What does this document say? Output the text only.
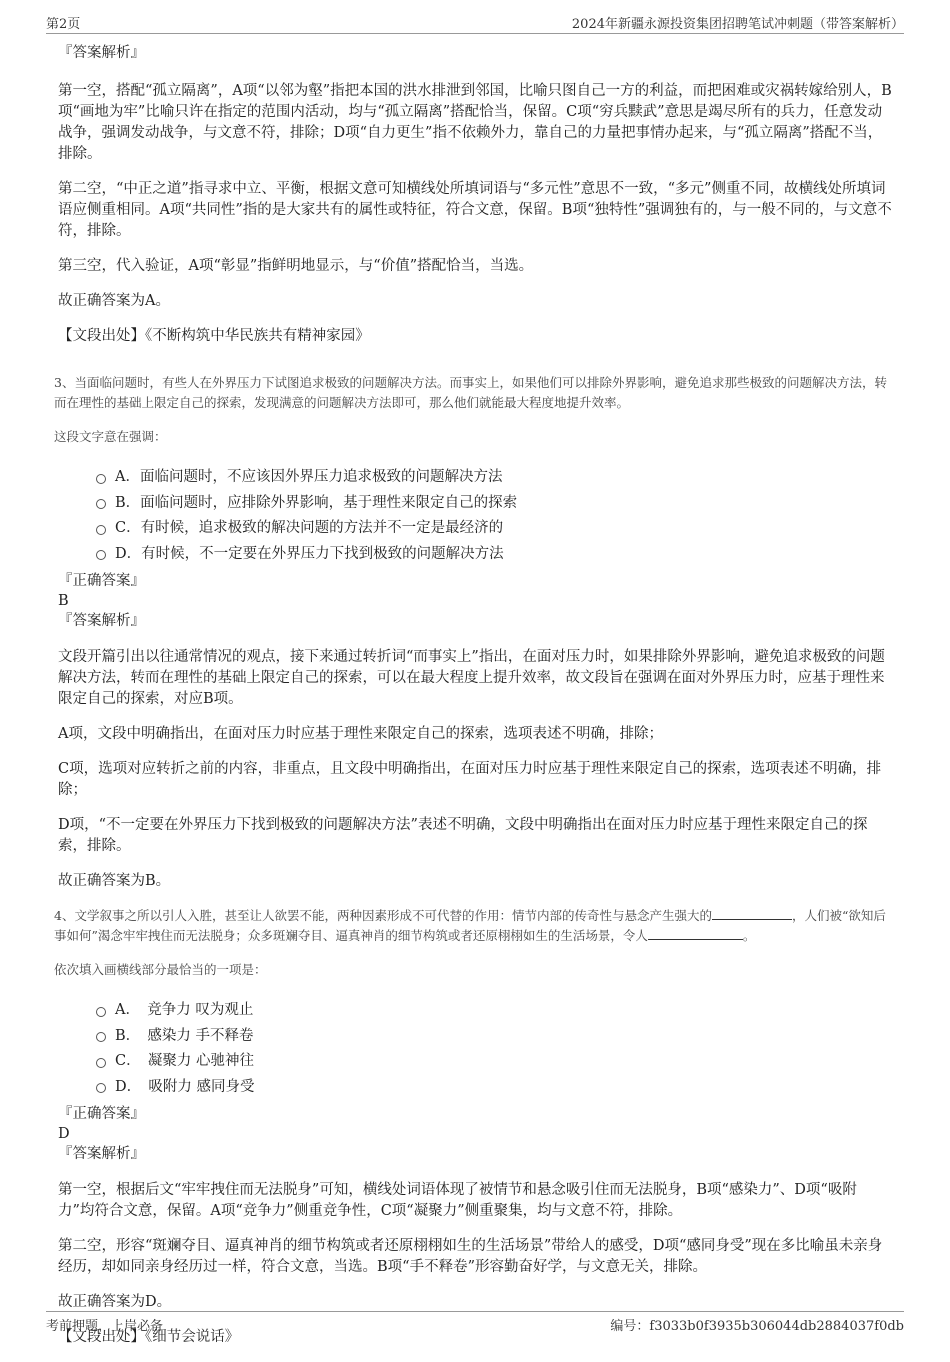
第2页	2024年新疆永源投资集团招聘笔试冲刺题（带答案解析）

『答案解析』

第一空，搭配“孤立隔离”，A项“以邻为壑”指把本国的洪水排泄到邻国，比喻只图自己一方的利益，而把困难或灾祸转嫁给别人，B项“画地为牢”比喻只许在指定的范围内活动，均与“孤立隔离”搭配恰当，保留。C项“穷兵黩武”意思是竭尽所有的兵力，任意发动战争，强调发动战争，与文意不符，排除；D项“自力更生”指不依赖外力，靠自己的力量把事情办起来，与“孤立隔离”搭配不当，排除。

第二空，“中正之道”指寻求中立、平衡，根据文意可知横线处所填词语与“多元性”意思不一致，“多元”侧重不同，故横线处所填词语应侧重相同。A项“共同性”指的是大家共有的属性或特征，符合文意，保留。B项“独特性”强调独有的，与一般不同的，与文意不符，排除。

第三空，代入验证，A项“彰显”指鲜明地显示，与“价值”搭配恰当，当选。

故正确答案为A。

【文段出处】《不断构筑中华民族共有精神家园》

3、当面临问题时，有些人在外界压力下试图追求极致的问题解决方法。而事实上，如果他们可以排除外界影响，避免追求那些极致的问题解决方法，转而在理性的基础上限定自己的探索，发现满意的问题解决方法即可，那么他们就能最大程度地提升效率。

这段文字意在强调：

A．面临问题时，不应该因外界压力追求极致的问题解决方法
B．面临问题时，应排除外界影响，基于理性来限定自己的探索
C．有时候，追求极致的解决问题的方法并不一定是最经济的
D．有时候，不一定要在外界压力下找到极致的问题解决方法

『正确答案』

B

『答案解析』

文段开篇引出以往通常情况的观点，接下来通过转折词“而事实上”指出，在面对压力时，如果排除外界影响，避免追求极致的问题解决方法，转而在理性的基础上限定自己的探索，可以在最大程度上提升效率，故文段旨在强调在面对外界压力时，应基于理性来限定自己的探索，对应B项。

A项，文段中明确指出，在面对压力时应基于理性来限定自己的探索，选项表述不明确，排除；

C项，选项对应转折之前的内容，非重点，且文段中明确指出，在面对压力时应基于理性来限定自己的探索，选项表述不明确，排除；

D项，“不一定要在外界压力下找到极致的问题解决方法”表述不明确，文段中明确指出在面对压力时应基于理性来限定自己的探索，排除。

故正确答案为B。

4、文学叙事之所以引人入胜，甚至让人欲罢不能，两种因素形成不可代替的作用：情节内部的传奇性与悬念产生强大的	，人们被“欲知后事如何”渴念牢牢拽住而无法脱身；众多斑斓夺目、逼真神肖的细节构筑或者还原栩栩如生的生活场景，令人	。

依次填入画横线部分最恰当的一项是：

A．　竞争力 叹为观止
B．　感染力 手不释卷
C．　凝聚力 心驰神往
D．　吸附力 感同身受

『正确答案』

D

『答案解析』

第一空，根据后文“牢牢拽住而无法脱身”可知，横线处词语体现了被情节和悬念吸引住而无法脱身，B项“感染力”、D项“吸附力”均符合文意，保留。A项“竞争力”侧重竞争性，C项“凝聚力”侧重聚集，均与文意不符，排除。

第二空，形容“斑斓夺目、逼真神肖的细节构筑或者还原栩栩如生的生活场景”带给人的感受，D项“感同身受”现在多比喻虽未亲身经历，却如同亲身经历过一样，符合文意，当选。B项“手不释卷”形容勤奋好学，与文意无关，排除。

故正确答案为D。

【文段出处】《细节会说话》

考前押题，上岸必备	编号：f3033b0f3935b306044db2884037f0db
